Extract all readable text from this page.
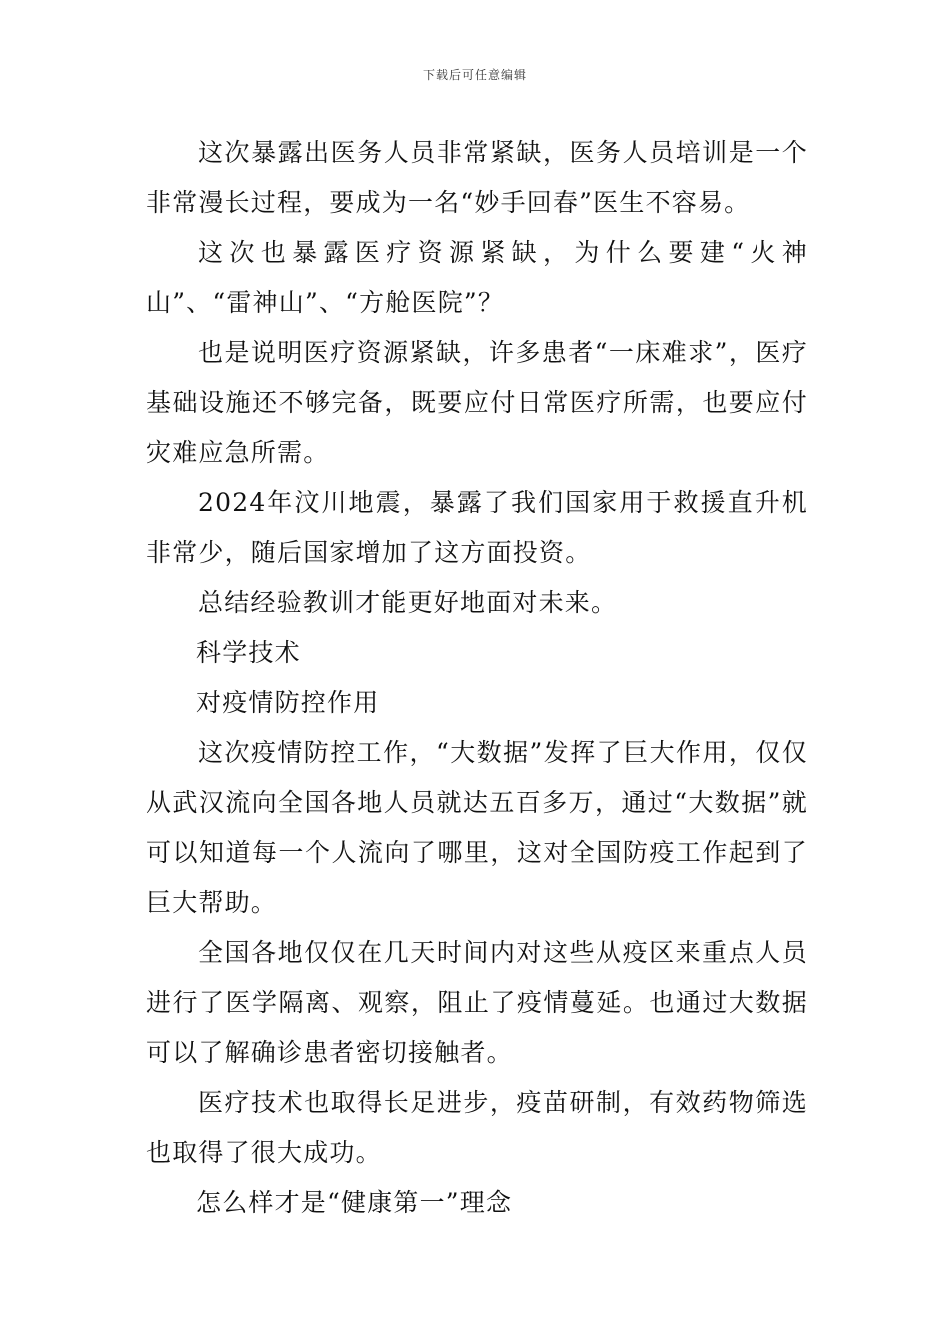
下载后可任意编辑

这次暴露出医务人员非常紧缺，医务人员培训是一个非常漫长过程，要成为一名“妙手回春”医生不容易。

这次也暴露医疗资源紧缺，为什么要建“火神山”、“雷神山”、“方舱医院”？

也是说明医疗资源紧缺，许多患者“一床难求”，医疗基础设施还不够完备，既要应付日常医疗所需，也要应付灾难应急所需。

2024年汶川地震，暴露了我们国家用于救援直升机非常少，随后国家增加了这方面投资。

总结经验教训才能更好地面对未来。

科学技术

对疫情防控作用

这次疫情防控工作，“大数据”发挥了巨大作用，仅仅从武汉流向全国各地人员就达五百多万，通过“大数据”就可以知道每一个人流向了哪里，这对全国防疫工作起到了巨大帮助。

全国各地仅仅在几天时间内对这些从疫区来重点人员进行了医学隔离、观察，阻止了疫情蔓延。也通过大数据可以了解确诊患者密切接触者。

医疗技术也取得长足进步，疫苗研制，有效药物筛选也取得了很大成功。

怎么样才是“健康第一”理念
